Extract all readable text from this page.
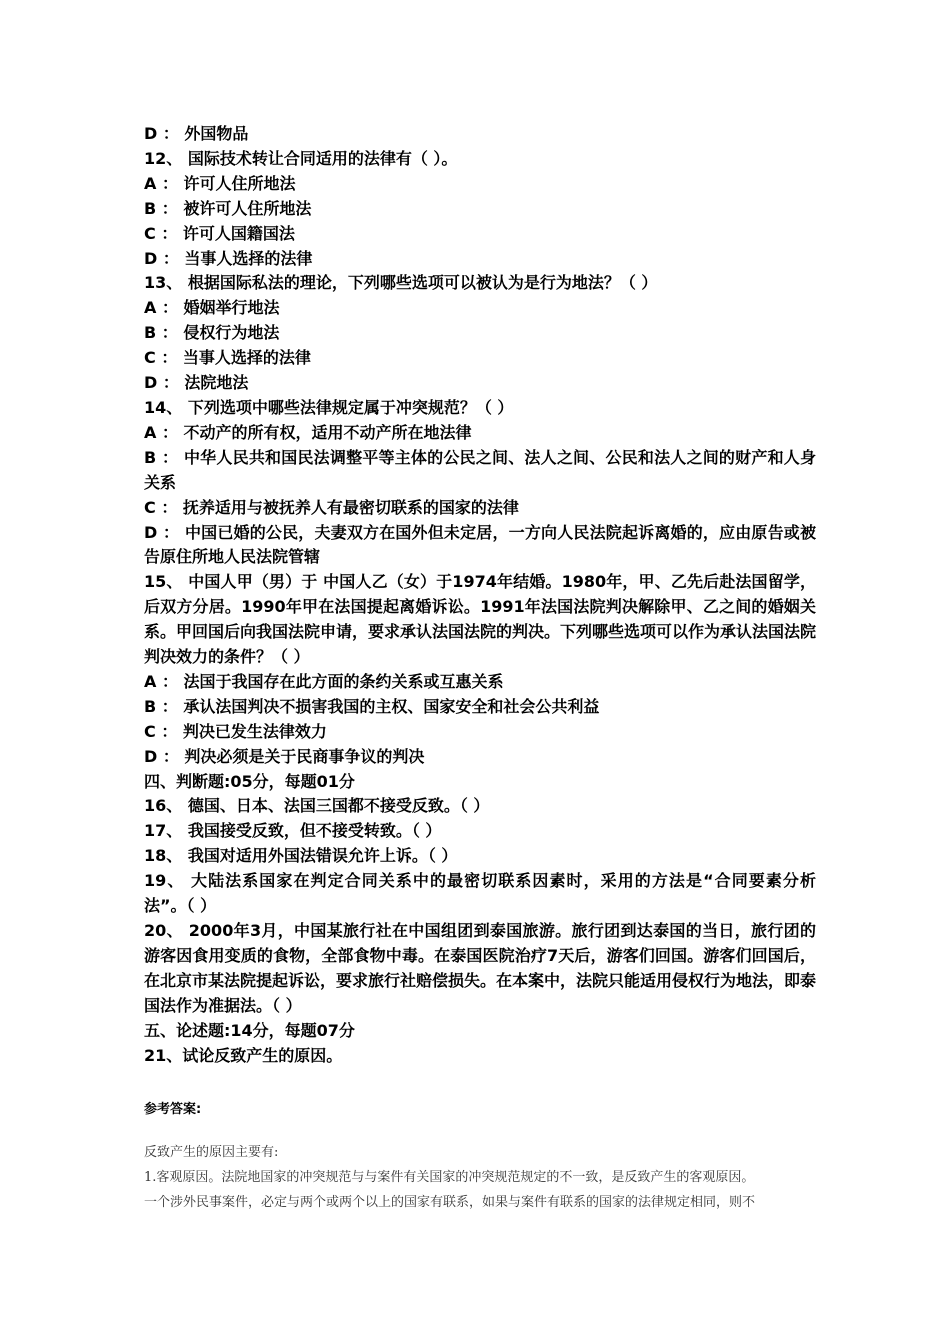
D ： 外国物品
12、 国际技术转让合同适用的法律有（ ）。
A ： 许可人住所地法
B ： 被许可人住所地法
C ： 许可人国籍国法
D ： 当事人选择的法律
13、 根据国际私法的理论，下列哪些选项可以被认为是行为地法？（ ）
A ： 婚姻举行地法
B ： 侵权行为地法
C ： 当事人选择的法律
D ： 法院地法
14、 下列选项中哪些法律规定属于冲突规范？（ ）
A ： 不动产的所有权，适用不动产所在地法律
B ： 中华人民共和国民法调整平等主体的公民之间、法人之间、公民和法人之间的财产和人身关系
C ： 抚养适用与被抚养人有最密切联系的国家的法律
D ： 中国已婚的公民，夫妻双方在国外但未定居，一方向人民法院起诉离婚的，应由原告或被告原住所地人民法院管辖
15、 中国人甲（男）于 中国人乙（女）于1974年结婚。1980年，甲、乙先后赴法国留学，后双方分居。1990年甲在法国提起离婚诉讼。1991年法国法院判决解除甲、乙之间的婚姻关系。甲回国后向我国法院申请，要求承认法国法院的判决。下列哪些选项可以作为承认法国法院判决效力的条件？（ ）
A ： 法国于我国存在此方面的条约关系或互惠关系
B ： 承认法国判决不损害我国的主权、国家安全和社会公共利益
C ： 判决已发生法律效力
D ： 判决必须是关于民商事争议的判决
四、判断题:05分，每题01分
16、 德国、日本、法国三国都不接受反致。（ ）
17、 我国接受反致，但不接受转致。（ ）
18、 我国对适用外国法错误允许上诉。（ ）
19、 大陆法系国家在判定合同关系中的最密切联系因素时，采用的方法是“合同要素分析法”。（ ）
20、 2000年3月，中国某旅行社在中国组团到泰国旅游。旅行团到达泰国的当日，旅行团的游客因食用变质的食物，全部食物中毒。在泰国医院治疗7天后，游客们回国。游客们回国后，在北京市某法院提起诉讼，要求旅行社赔偿损失。在本案中，法院只能适用侵权行为地法，即泰国法作为准据法。（ ）
五、论述题:14分，每题07分
21、试论反致产生的原因。
参考答案:
反致产生的原因主要有:
1.客观原因。法院地国家的冲突规范与与案件有关国家的冲突规范规定的不一致，是反致产生的客观原因。
一个涉外民事案件，必定与两个或两个以上的国家有联系，如果与案件有联系的国家的法律规定相同，则不
